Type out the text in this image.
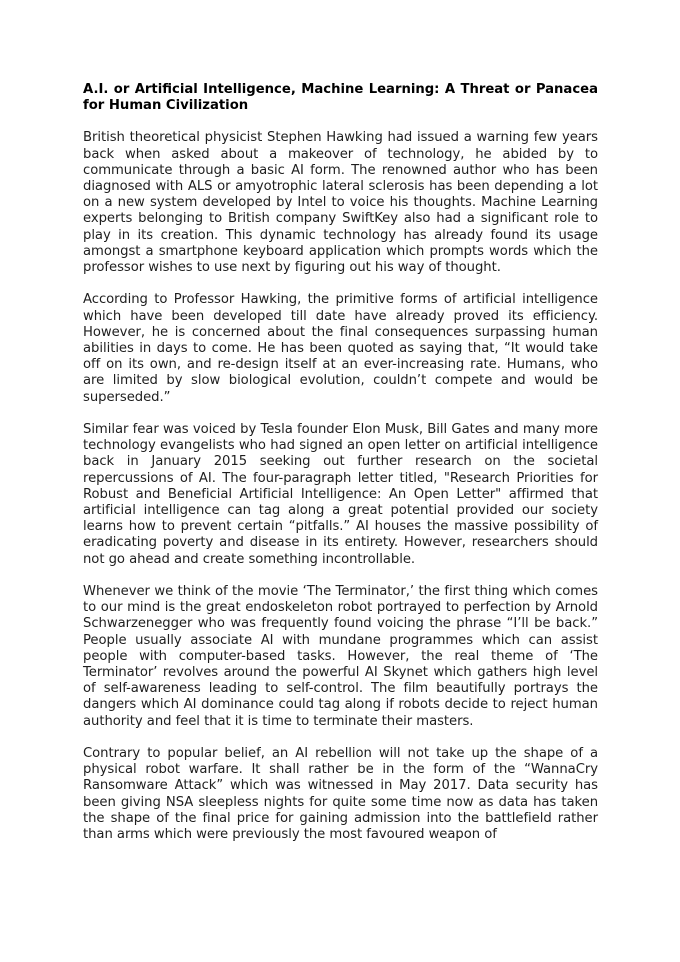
A.I. or Artificial Intelligence, Machine Learning: A Threat or Panacea for Human Civilization

British theoretical physicist Stephen Hawking had issued a warning few years back when asked about a makeover of technology, he abided by to communicate through a basic AI form. The renowned author who has been diagnosed with ALS or amyotrophic lateral sclerosis has been depending a lot on a new system developed by Intel to voice his thoughts. Machine Learning experts belonging to British company SwiftKey also had a significant role to play in its creation. This dynamic technology has already found its usage amongst a smartphone keyboard application which prompts words which the professor wishes to use next by figuring out his way of thought.

According to Professor Hawking, the primitive forms of artificial intelligence which have been developed till date have already proved its efficiency. However, he is concerned about the final consequences surpassing human abilities in days to come. He has been quoted as saying that, “It would take off on its own, and re-design itself at an ever-increasing rate. Humans, who are limited by slow biological evolution, couldn’t compete and would be superseded.”

Similar fear was voiced by Tesla founder Elon Musk, Bill Gates and many more technology evangelists who had signed an open letter on artificial intelligence back in January 2015 seeking out further research on the societal repercussions of AI. The four-paragraph letter titled, "Research Priorities for Robust and Beneficial Artificial Intelligence: An Open Letter" affirmed that artificial intelligence can tag along a great potential provided our society learns how to prevent certain “pitfalls.” AI houses the massive possibility of eradicating poverty and disease in its entirety. However, researchers should not go ahead and create something incontrollable.

Whenever we think of the movie ‘The Terminator,’ the first thing which comes to our mind is the great endoskeleton robot portrayed to perfection by Arnold Schwarzenegger who was frequently found voicing the phrase “I’ll be back.” People usually associate AI with mundane programmes which can assist people with computer-based tasks. However, the real theme of ‘The Terminator’ revolves around the powerful AI Skynet which gathers high level of self-awareness leading to self-control. The film beautifully portrays the dangers which AI dominance could tag along if robots decide to reject human authority and feel that it is time to terminate their masters.

Contrary to popular belief, an AI rebellion will not take up the shape of a physical robot warfare. It shall rather be in the form of the “WannaCry Ransomware Attack” which was witnessed in May 2017. Data security has been giving NSA sleepless nights for quite some time now as data has taken the shape of the final price for gaining admission into the battlefield rather than arms which were previously the most favoured weapon of
